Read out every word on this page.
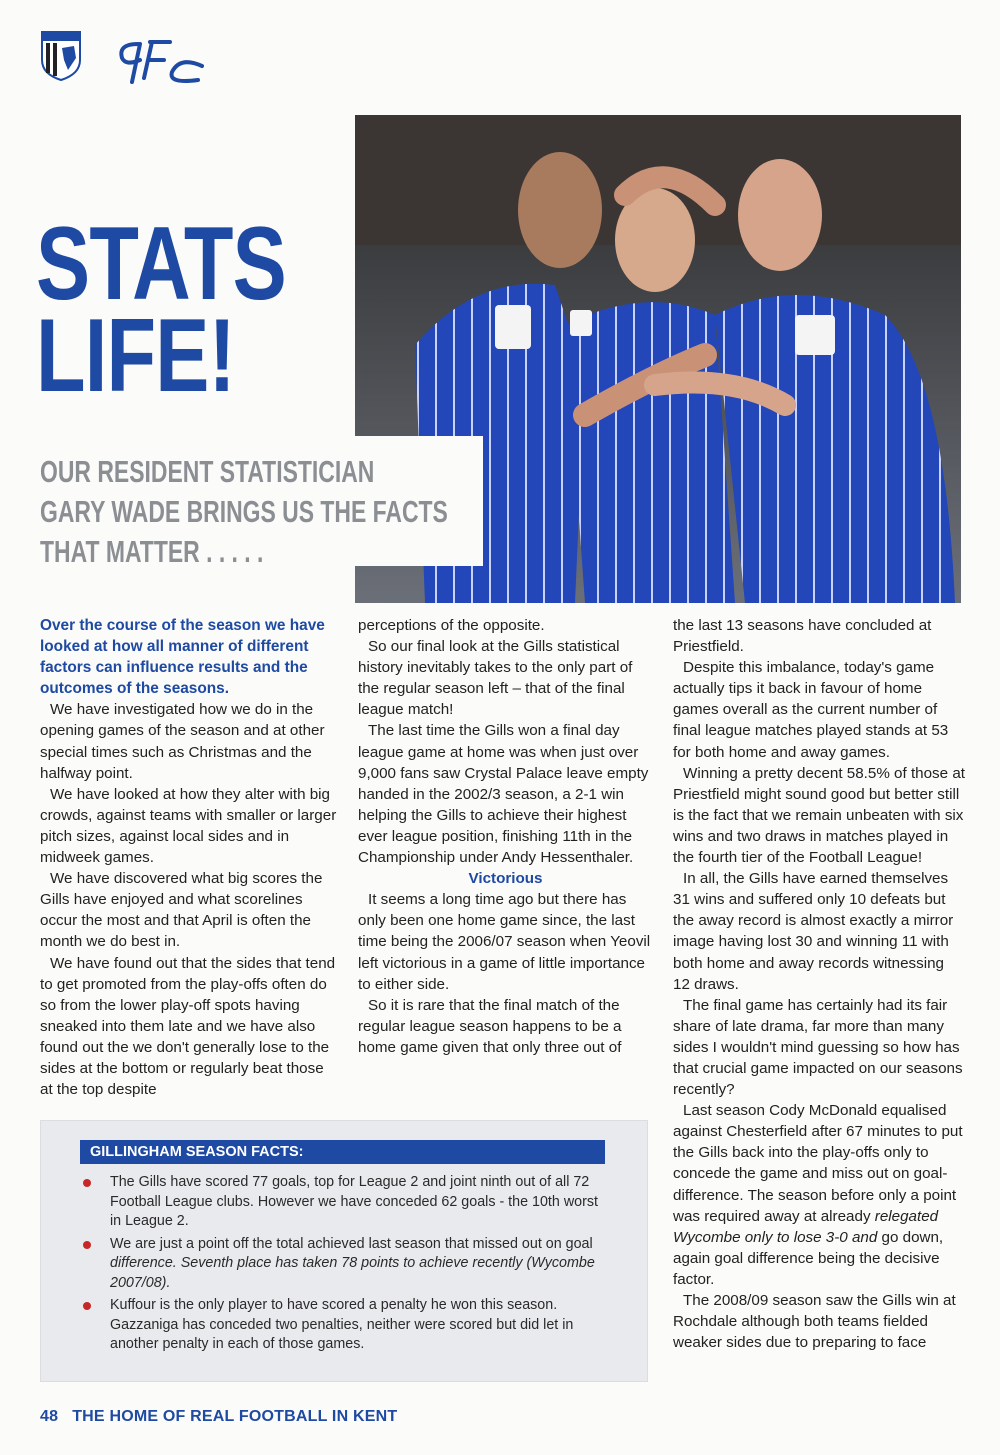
STATS
LIFE!
OUR RESIDENT STATISTICIAN
GARY WADE BRINGS US THE FACTS
THAT MATTER . . . . .

Over the course of the season we have looked at how all manner of different factors can influence results and the outcomes of the seasons.

We have investigated how we do in the opening games of the season and at other special times such as Christmas and the halfway point.

We have looked at how they alter with big crowds, against teams with smaller or larger pitch sizes, against local sides and in midweek games.

We have discovered what big scores the Gills have enjoyed and what scorelines occur the most and that April is often the month we do best in.

We have found out that the sides that tend to get promoted from the play-offs often do so from the lower play-off spots having sneaked into them late and we have also found out the we don't generally lose to the sides at the bottom or regularly beat those at the top despite

perceptions of the opposite.

So our final look at the Gills statistical history inevitably takes to the only part of the regular season left – that of the final league match!

The last time the Gills won a final day league game at home was when just over 9,000 fans saw Crystal Palace leave empty handed in the 2002/3 season, a 2-1 win helping the Gills to achieve their highest ever league position, finishing 11th in the Championship under Andy Hessenthaler.

Victorious

It seems a long time ago but there has only been one home game since, the last time being the 2006/07 season when Yeovil left victorious in a game of little importance to either side.

So it is rare that the final match of the regular league season happens to be a home game given that only three out of

the last 13 seasons have concluded at Priestfield.

Despite this imbalance, today's game actually tips it back in favour of home games overall as the current number of final league matches played stands at 53 for both home and away games.

Winning a pretty decent 58.5% of those at Priestfield might sound good but better still is the fact that we remain unbeaten with six wins and two draws in matches played in the fourth tier of the Football League!

In all, the Gills have earned themselves 31 wins and suffered only 10 defeats but the away record is almost exactly a mirror image having lost 30 and winning 11 with both home and away records witnessing 12 draws.

The final game has certainly had its fair share of late drama, far more than many sides I wouldn't mind guessing so how has that crucial game impacted on our seasons recently?

Last season Cody McDonald equalised against Chesterfield after 67 minutes to put the Gills back into the play-offs only to concede the game and miss out on goal-difference. The season before only a point was required away at already relegated Wycombe only to lose 3-0 and go down, again goal difference being the decisive factor.

The 2008/09 season saw the Gills win at Rochdale although both teams fielded weaker sides due to preparing to face

GILLINGHAM SEASON FACTS:
The Gills have scored 77 goals, top for League 2 and joint ninth out of all 72 Football League clubs. However we have conceded 62 goals - the 10th worst in League 2.
We are just a point off the total achieved last season that missed out on goal difference. Seventh place has taken 78 points to achieve recently (Wycombe 2007/08).
Kuffour is the only player to have scored a penalty he won this season. Gazzaniga has conceded two penalties, neither were scored but did let in another penalty in each of those games.
48 THE HOME OF REAL FOOTBALL IN KENT
